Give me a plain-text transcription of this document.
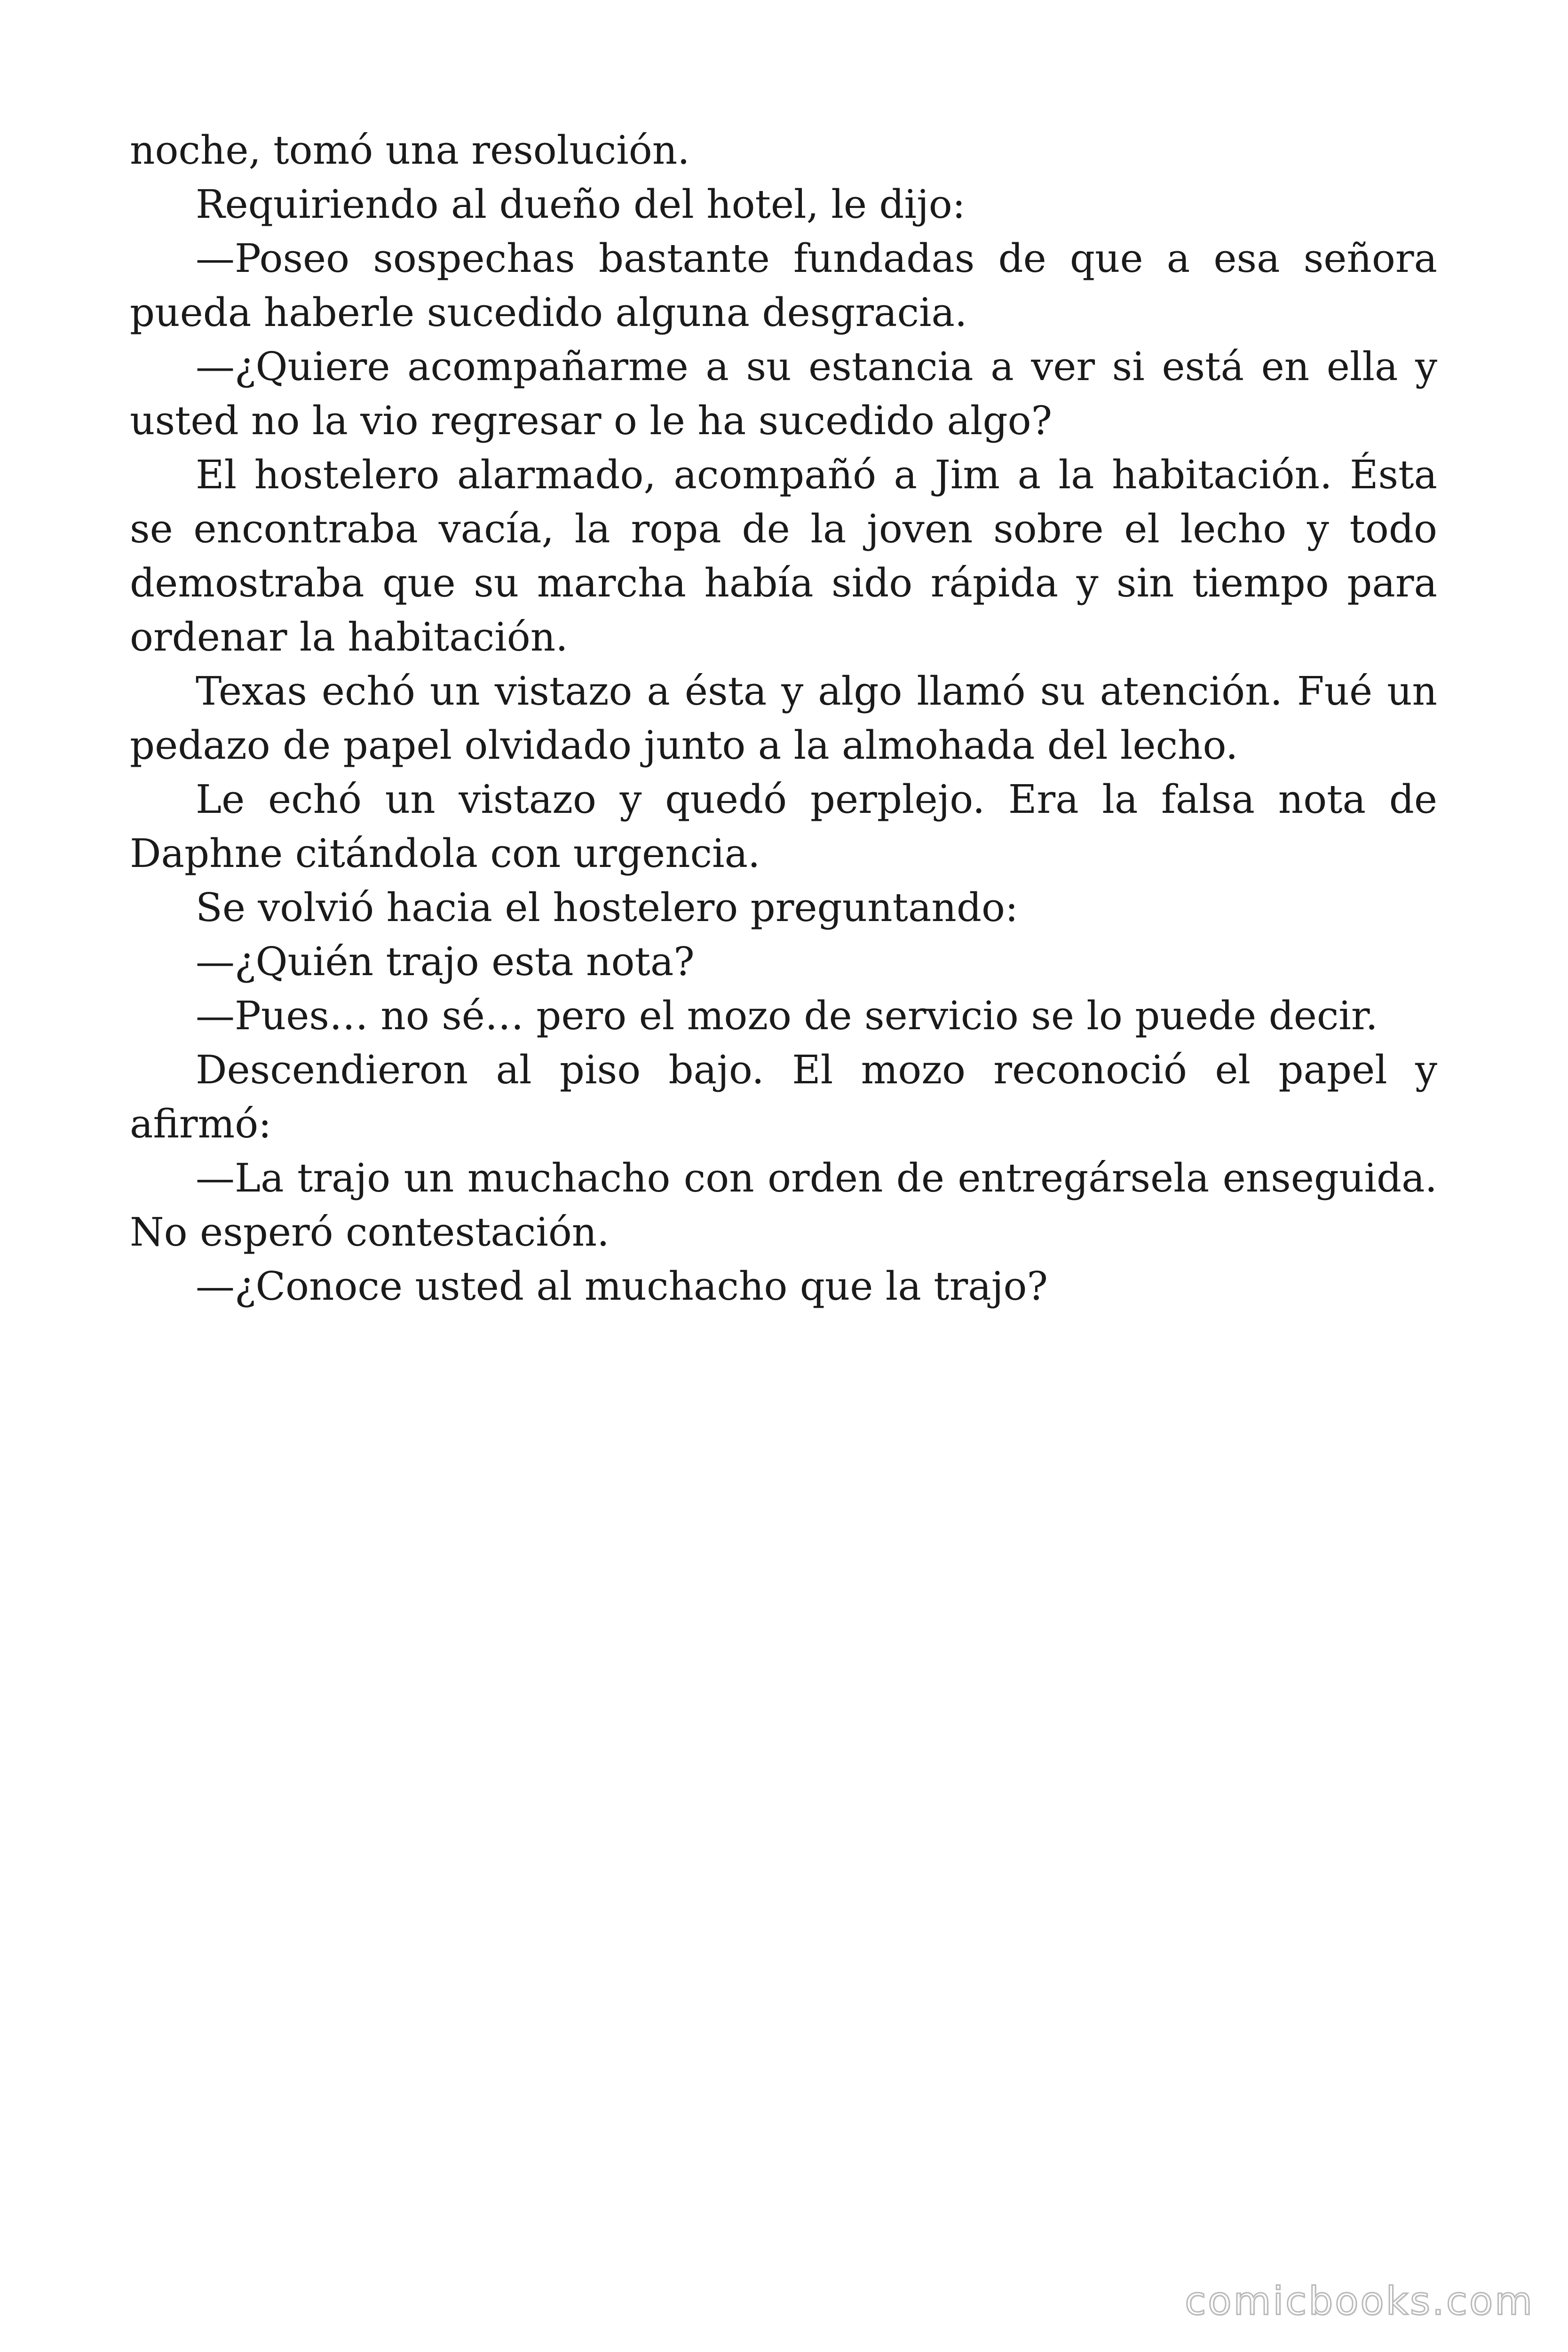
noche, tomó una resolución.

Requiriendo al dueño del hotel, le dijo:

—Poseo sospechas bastante fundadas de que a esa señora pueda haberle sucedido alguna desgracia.

—¿Quiere acompañarme a su estancia a ver si está en ella y usted no la vio regresar o le ha sucedido algo?

El hostelero alarmado, acompañó a Jim a la habitación. Ésta se encontraba vacía, la ropa de la joven sobre el lecho y todo demostraba que su marcha había sido rápida y sin tiempo para ordenar la habitación.

Texas echó un vistazo a ésta y algo llamó su atención. Fué un pedazo de papel olvidado junto a la almohada del lecho.

Le echó un vistazo y quedó perplejo. Era la falsa nota de Daphne citándola con urgencia.

Se volvió hacia el hostelero preguntando:

—¿Quién trajo esta nota?

—Pues… no sé… pero el mozo de servicio se lo puede decir.

Descendieron al piso bajo. El mozo reconoció el papel y afirmó:

—La trajo un muchacho con orden de entregársela enseguida. No esperó contestación.

—¿Conoce usted al muchacho que la trajo?

comicbooks.com
